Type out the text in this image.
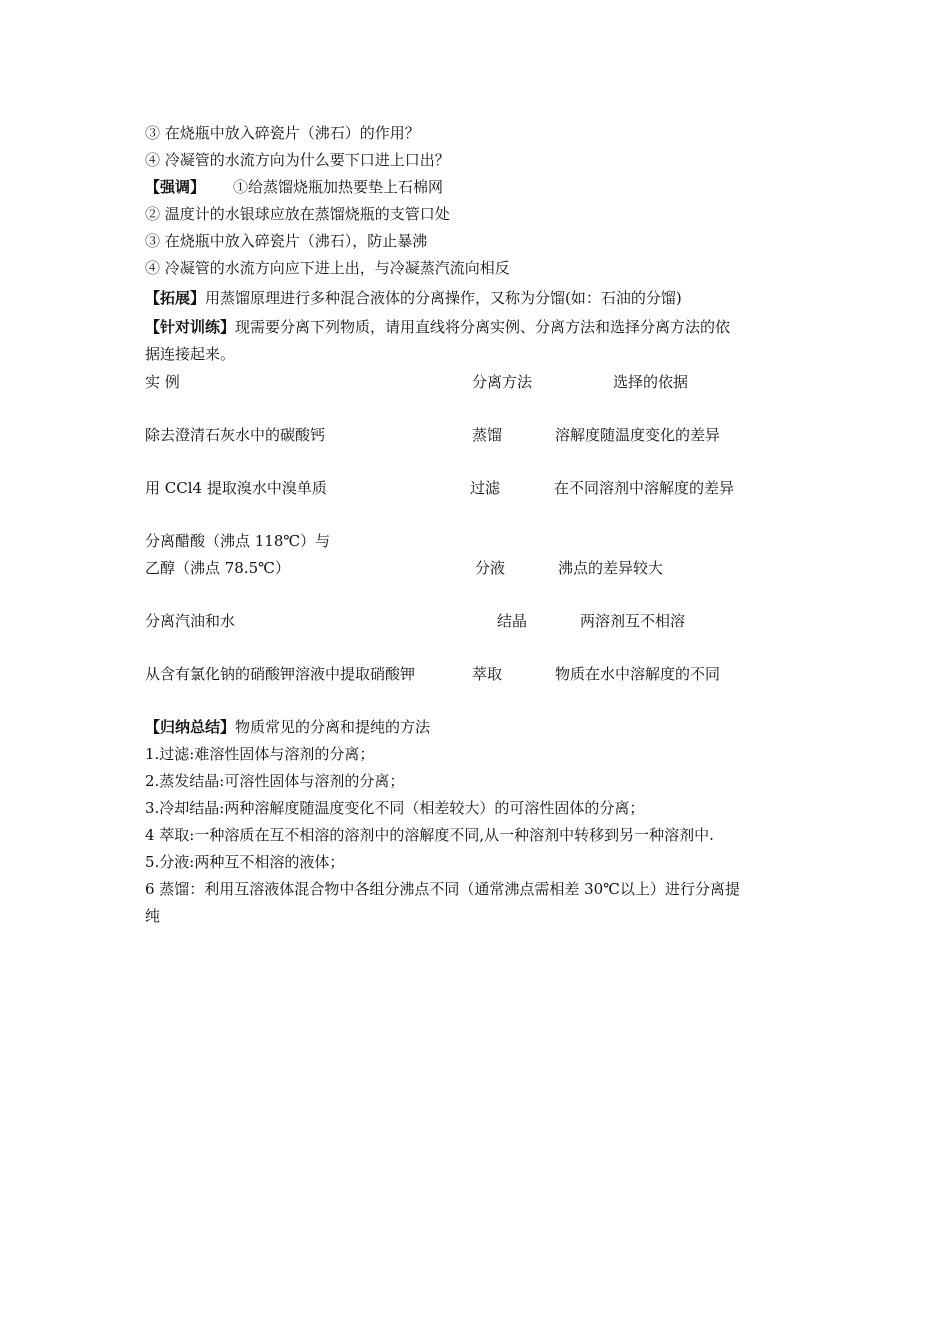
③ 在烧瓶中放入碎瓷片（沸石）的作用？
④ 冷凝管的水流方向为什么要下口进上口出？
【强调】 ①给蒸馏烧瓶加热要垫上石棉网
② 温度计的水银球应放在蒸馏烧瓶的支管口处
③ 在烧瓶中放入碎瓷片（沸石），防止暴沸
④ 冷凝管的水流方向应下进上出，与冷凝蒸汽流向相反
【拓展】用蒸馏原理进行多种混合液体的分离操作，又称为分馏(如：石油的分馏)
【针对训练】现需要分离下列物质，请用直线将分离实例、分离方法和选择分离方法的依
据连接起来。
实 例	分离方法	选择的依据
除去澄清石灰水中的碳酸钙	蒸馏	溶解度随温度变化的差异
用 CCl4 提取溴水中溴单质	过滤	在不同溶剂中溶解度的差异
分离醋酸（沸点 118℃）与
乙醇（沸点 78.5℃）	分液	沸点的差异较大
分离汽油和水	结晶	两溶剂互不相溶
从含有氯化钠的硝酸钾溶液中提取硝酸钾	萃取	物质在水中溶解度的不同
【归纳总结】物质常见的分离和提纯的方法
1.过滤:难溶性固体与溶剂的分离；
2.蒸发结晶:可溶性固体与溶剂的分离；
3.冷却结晶:两种溶解度随温度变化不同（相差较大）的可溶性固体的分离；
4 萃取:一种溶质在互不相溶的溶剂中的溶解度不同,从一种溶剂中转移到另一种溶剂中.
5.分液:两种互不相溶的液体；
6 蒸馏：利用互溶液体混合物中各组分沸点不同（通常沸点需相差 30℃以上）进行分离提
纯
